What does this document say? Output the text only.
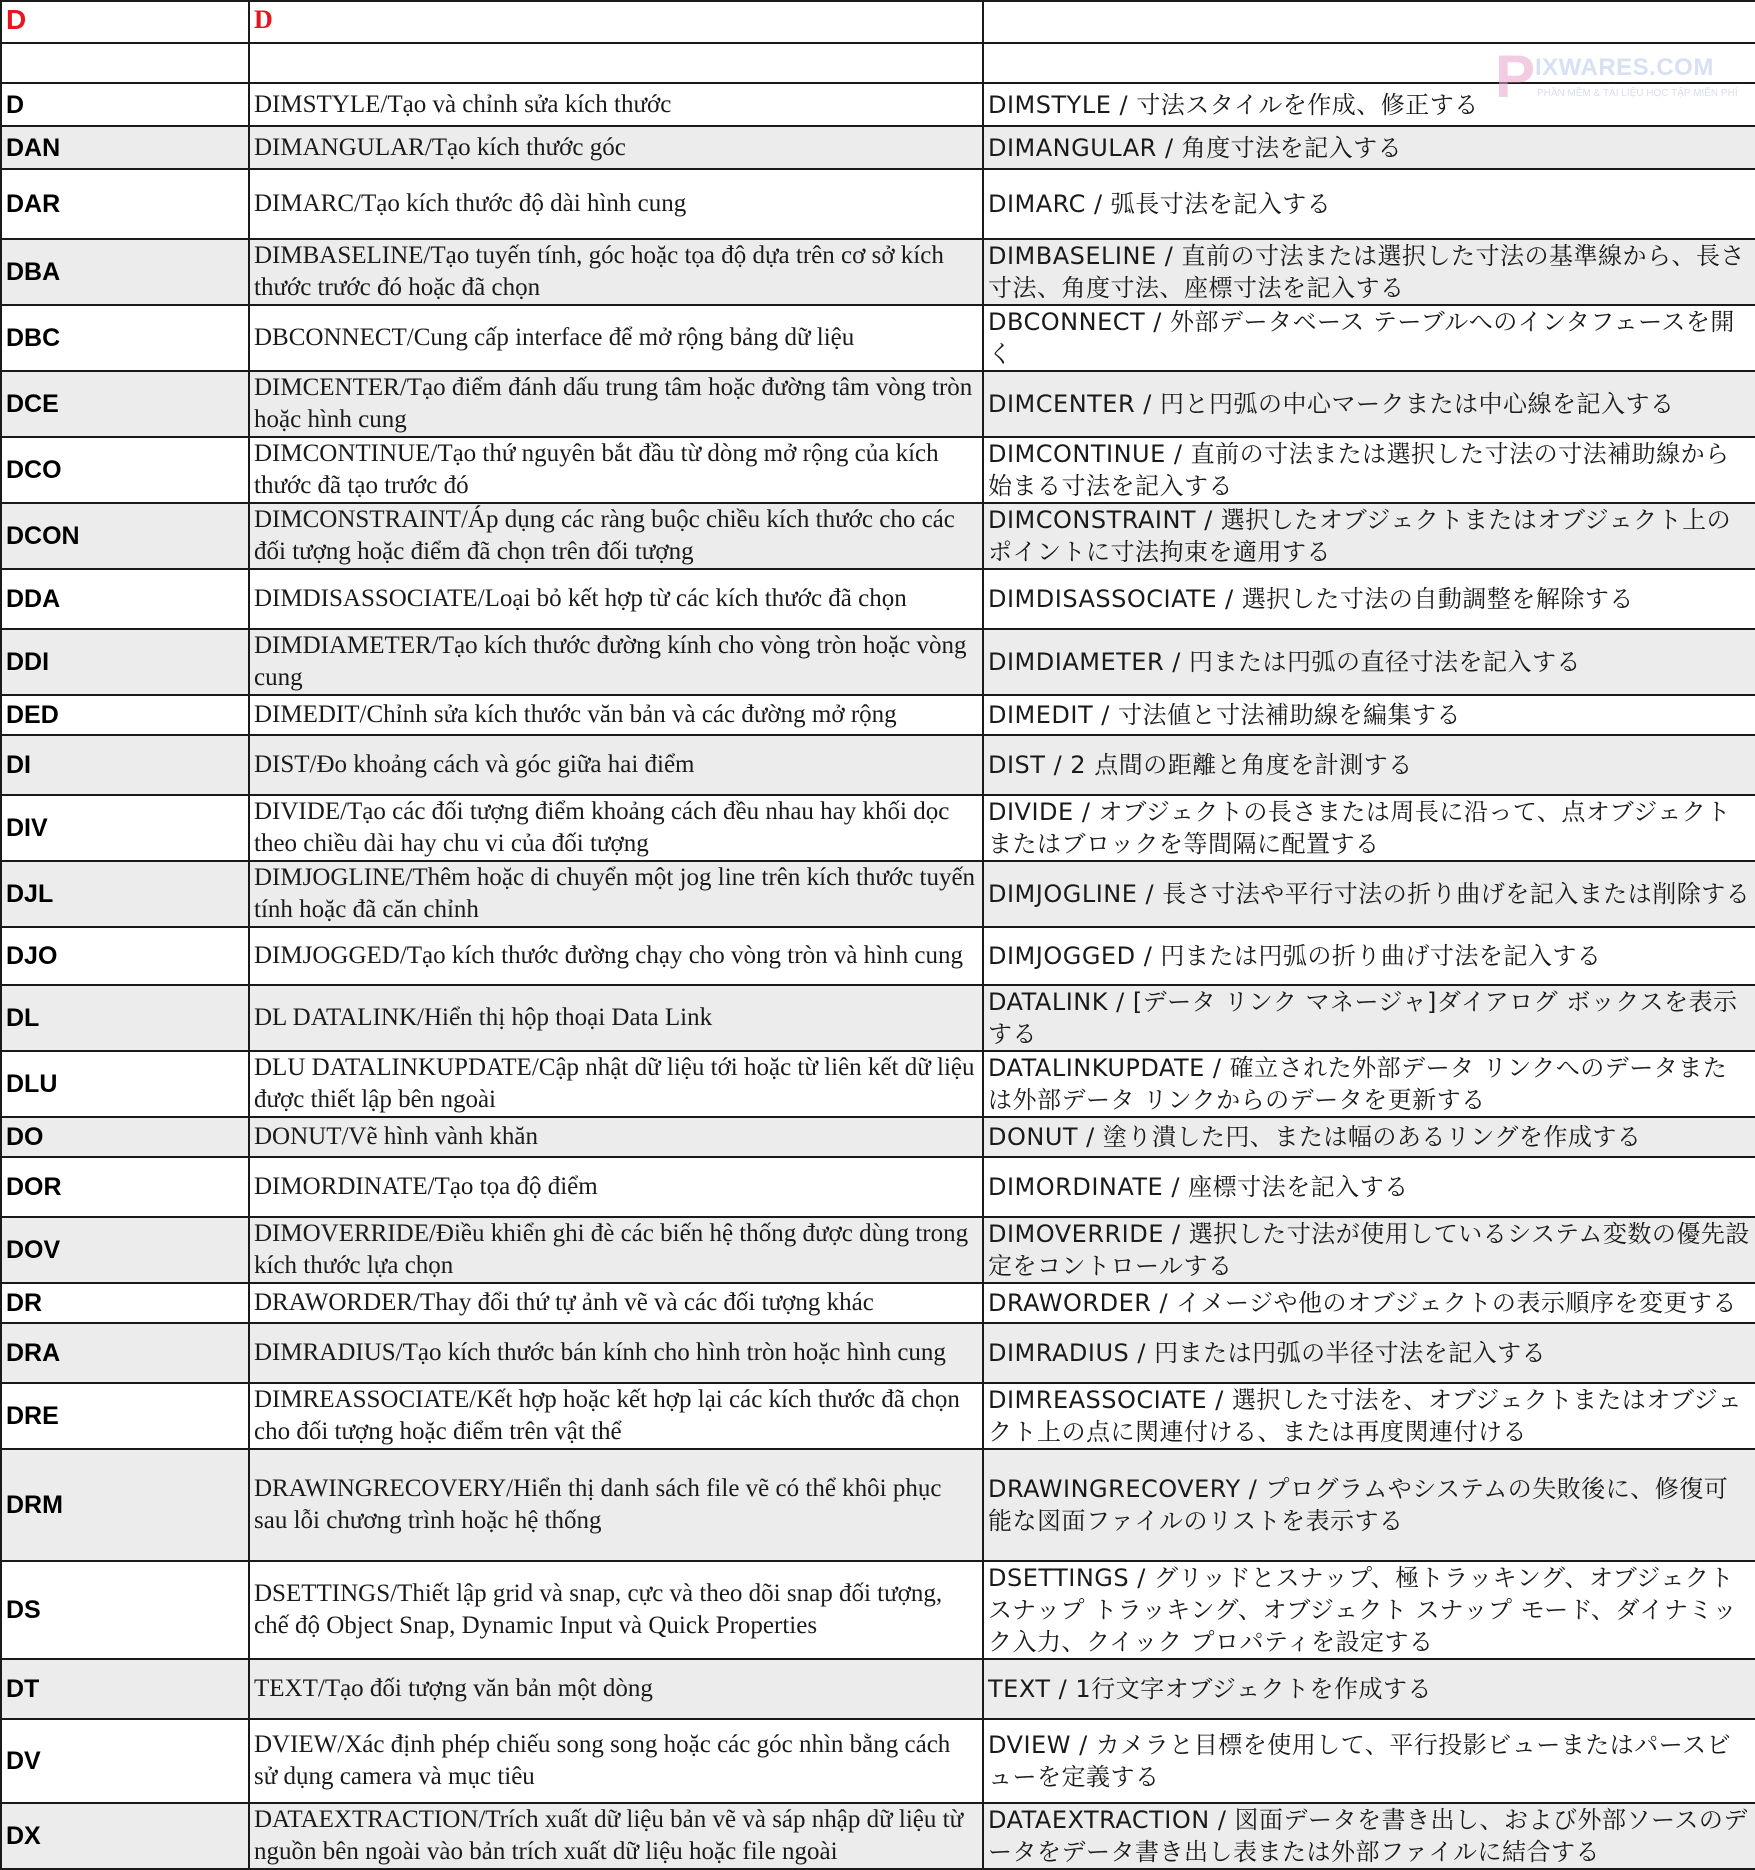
D	D	

D	DIMSTYLE/Tạo và chỉnh sửa kích thước	DIMSTYLE / 寸法スタイルを作成、修正する
DAN	DIMANGULAR/Tạo kích thước góc	DIMANGULAR / 角度寸法を記入する
DAR	DIMARC/Tạo kích thước độ dài hình cung	DIMARC / 弧長寸法を記入する
DBA	DIMBASELINE/Tạo tuyến tính, góc hoặc tọa độ dựa trên cơ sở kích thước trước đó hoặc đã chọn	DIMBASELINE / 直前の寸法または選択した寸法の基準線から、長さ寸法、角度寸法、座標寸法を記入する
DBC	DBCONNECT/Cung cấp interface để mở rộng bảng dữ liệu	DBCONNECT / 外部データベース テーブルへのインタフェースを開く
DCE	DIMCENTER/Tạo điểm đánh dấu trung tâm hoặc đường tâm vòng tròn hoặc hình cung	DIMCENTER / 円と円弧の中心マークまたは中心線を記入する
DCO	DIMCONTINUE/Tạo thứ nguyên bắt đầu từ dòng mở rộng của kích thước đã tạo trước đó	DIMCONTINUE / 直前の寸法または選択した寸法の寸法補助線から始まる寸法を記入する
DCON	DIMCONSTRAINT/Áp dụng các ràng buộc chiều kích thước cho các đối tượng hoặc điểm đã chọn trên đối tượng	DIMCONSTRAINT / 選択したオブジェクトまたはオブジェクト上のポイントに寸法拘束を適用する
DDA	DIMDISASSOCIATE/Loại bỏ kết hợp từ các kích thước đã chọn	DIMDISASSOCIATE / 選択した寸法の自動調整を解除する
DDI	DIMDIAMETER/Tạo kích thước đường kính cho vòng tròn hoặc vòng cung	DIMDIAMETER / 円または円弧の直径寸法を記入する
DED	DIMEDIT/Chỉnh sửa kích thước văn bản và các đường mở rộng	DIMEDIT / 寸法値と寸法補助線を編集する
DI	DIST/Đo khoảng cách và góc giữa hai điểm	DIST / 2 点間の距離と角度を計測する
DIV	DIVIDE/Tạo các đối tượng điểm khoảng cách đều nhau hay khối dọc theo chiều dài hay chu vi của đối tượng	DIVIDE / オブジェクトの長さまたは周長に沿って、点オブジェクトまたはブロックを等間隔に配置する
DJL	DIMJOGLINE/Thêm hoặc di chuyển một jog line trên kích thước tuyến tính hoặc đã căn chỉnh	DIMJOGLINE / 長さ寸法や平行寸法の折り曲げを記入または削除する
DJO	DIMJOGGED/Tạo kích thước đường chạy cho vòng tròn và hình cung	DIMJOGGED / 円または円弧の折り曲げ寸法を記入する
DL	DL DATALINK/Hiển thị hộp thoại Data Link	DATALINK / [データ リンク マネージャ]ダイアログ ボックスを表示する
DLU	DLU DATALINKUPDATE/Cập nhật dữ liệu tới hoặc từ liên kết dữ liệu được thiết lập bên ngoài	DATALINKUPDATE / 確立された外部データ リンクへのデータまたは外部データ リンクからのデータを更新する
DO	DONUT/Vẽ hình vành khăn	DONUT / 塗り潰した円、または幅のあるリングを作成する
DOR	DIMORDINATE/Tạo tọa độ điểm	DIMORDINATE / 座標寸法を記入する
DOV	DIMOVERRIDE/Điều khiển ghi đè các biến hệ thống được dùng trong kích thước lựa chọn	DIMOVERRIDE / 選択した寸法が使用しているシステム変数の優先設定をコントロールする
DR	DRAWORDER/Thay đổi thứ tự ảnh vẽ và các đối tượng khác	DRAWORDER / イメージや他のオブジェクトの表示順序を変更する
DRA	DIMRADIUS/Tạo kích thước bán kính cho hình tròn hoặc hình cung	DIMRADIUS / 円または円弧の半径寸法を記入する
DRE	DIMREASSOCIATE/Kết hợp hoặc kết hợp lại các kích thước đã chọn cho đối tượng hoặc điểm trên vật thể	DIMREASSOCIATE / 選択した寸法を、オブジェクトまたはオブジェクト上の点に関連付ける、または再度関連付ける
DRM	DRAWINGRECOVERY/Hiển thị danh sách file vẽ có thể khôi phục sau lỗi chương trình hoặc hệ thống	DRAWINGRECOVERY / プログラムやシステムの失敗後に、修復可能な図面ファイルのリストを表示する
DS	DSETTINGS/Thiết lập grid và snap, cực và theo dõi snap đối tượng, chế độ Object Snap, Dynamic Input và Quick Properties	DSETTINGS / グリッドとスナップ、極トラッキング、オブジェクト スナップ トラッキング、オブジェクト スナップ モード、ダイナミック入力、クイック プロパティを設定する
DT	TEXT/Tạo đối tượng văn bản một dòng	TEXT / 1行文字オブジェクトを作成する
DV	DVIEW/Xác định phép chiếu song song hoặc các góc nhìn bằng cách sử dụng camera và mục tiêu	DVIEW / カメラと目標を使用して、平行投影ビューまたはパースビューを定義する
DX	DATAEXTRACTION/Trích xuất dữ liệu bản vẽ và sáp nhập dữ liệu từ nguồn bên ngoài vào bản trích xuất dữ liệu hoặc file ngoài	DATAEXTRACTION / 図面データを書き出し、および外部ソースのデータをデータ書き出し表または外部ファイルに結合する
P IXWARES.COM
PHẦN MỀM & TÀI LIỆU HỌC TẬP MIỄN PHÍ
